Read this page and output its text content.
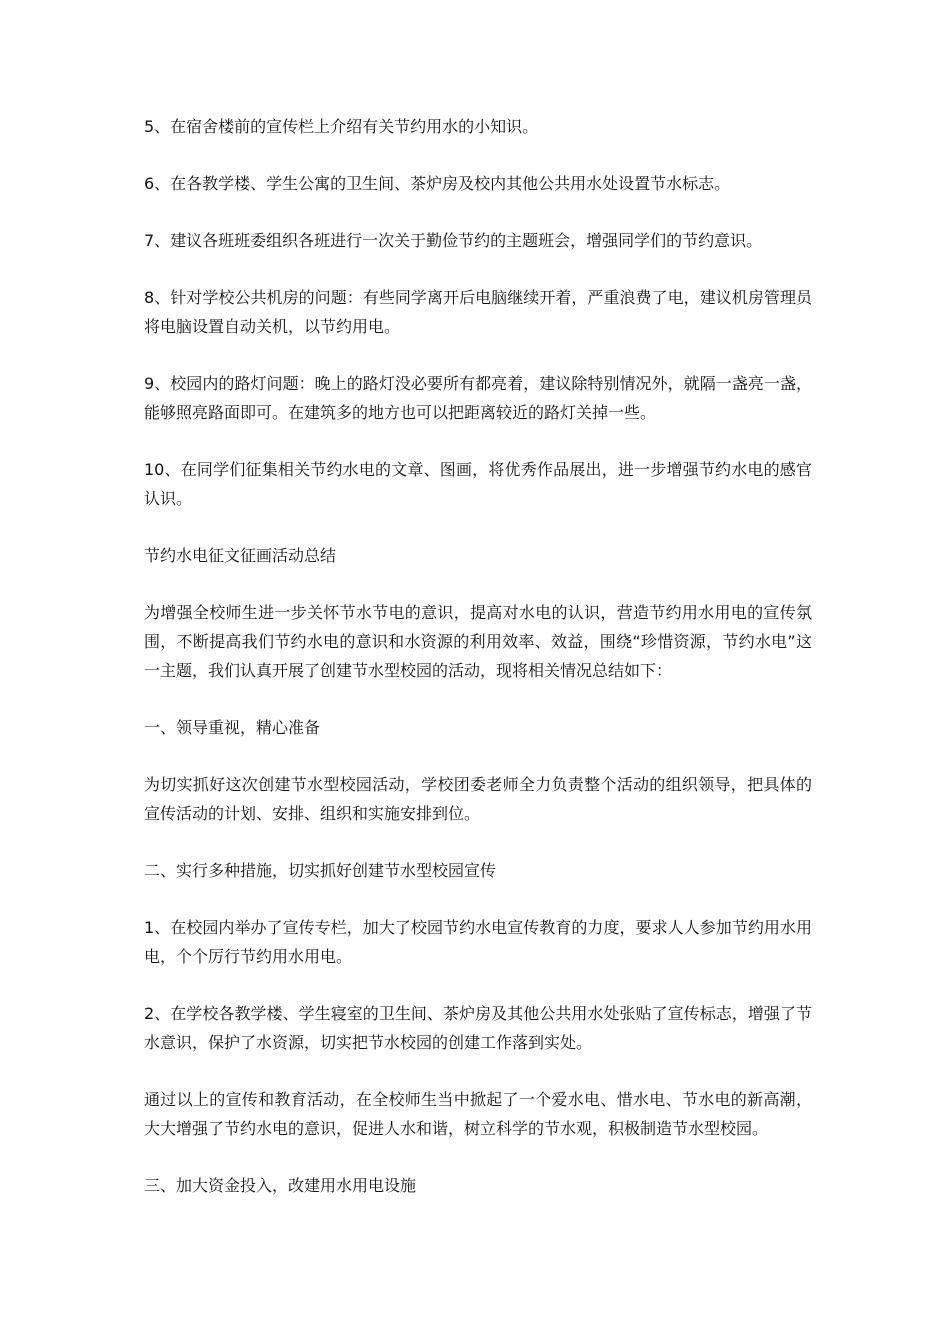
5、在宿舍楼前的宣传栏上介绍有关节约用水的小知识。

6、在各教学楼、学生公寓的卫生间、茶炉房及校内其他公共用水处设置节水标志。

7、建议各班班委组织各班进行一次关于勤俭节约的主题班会，增强同学们的节约意识。

8、针对学校公共机房的问题：有些同学离开后电脑继续开着，严重浪费了电，建议机房管理员将电脑设置自动关机，以节约用电。

9、校园内的路灯问题：晚上的路灯没必要所有都亮着，建议除特别情况外，就隔一盏亮一盏，能够照亮路面即可。在建筑多的地方也可以把距离较近的路灯关掉一些。

10、在同学们征集相关节约水电的文章、图画，将优秀作品展出，进一步增强节约水电的感官认识。

节约水电征文征画活动总结

为增强全校师生进一步关怀节水节电的意识，提高对水电的认识，营造节约用水用电的宣传氛围，不断提高我们节约水电的意识和水资源的利用效率、效益，围绕“珍惜资源，节约水电”这一主题，我们认真开展了创建节水型校园的活动，现将相关情况总结如下：

一、领导重视，精心准备

为切实抓好这次创建节水型校园活动，学校团委老师全力负责整个活动的组织领导，把具体的宣传活动的计划、安排、组织和实施安排到位。

二、实行多种措施，切实抓好创建节水型校园宣传

1、在校园内举办了宣传专栏，加大了校园节约水电宣传教育的力度，要求人人参加节约用水用电，个个厉行节约用水用电。

2、在学校各教学楼、学生寝室的卫生间、茶炉房及其他公共用水处张贴了宣传标志，增强了节水意识，保护了水资源，切实把节水校园的创建工作落到实处。

通过以上的宣传和教育活动，在全校师生当中掀起了一个爱水电、惜水电、节水电的新高潮，大大增强了节约水电的意识，促进人水和谐，树立科学的节水观，积极制造节水型校园。

三、加大资金投入，改建用水用电设施
